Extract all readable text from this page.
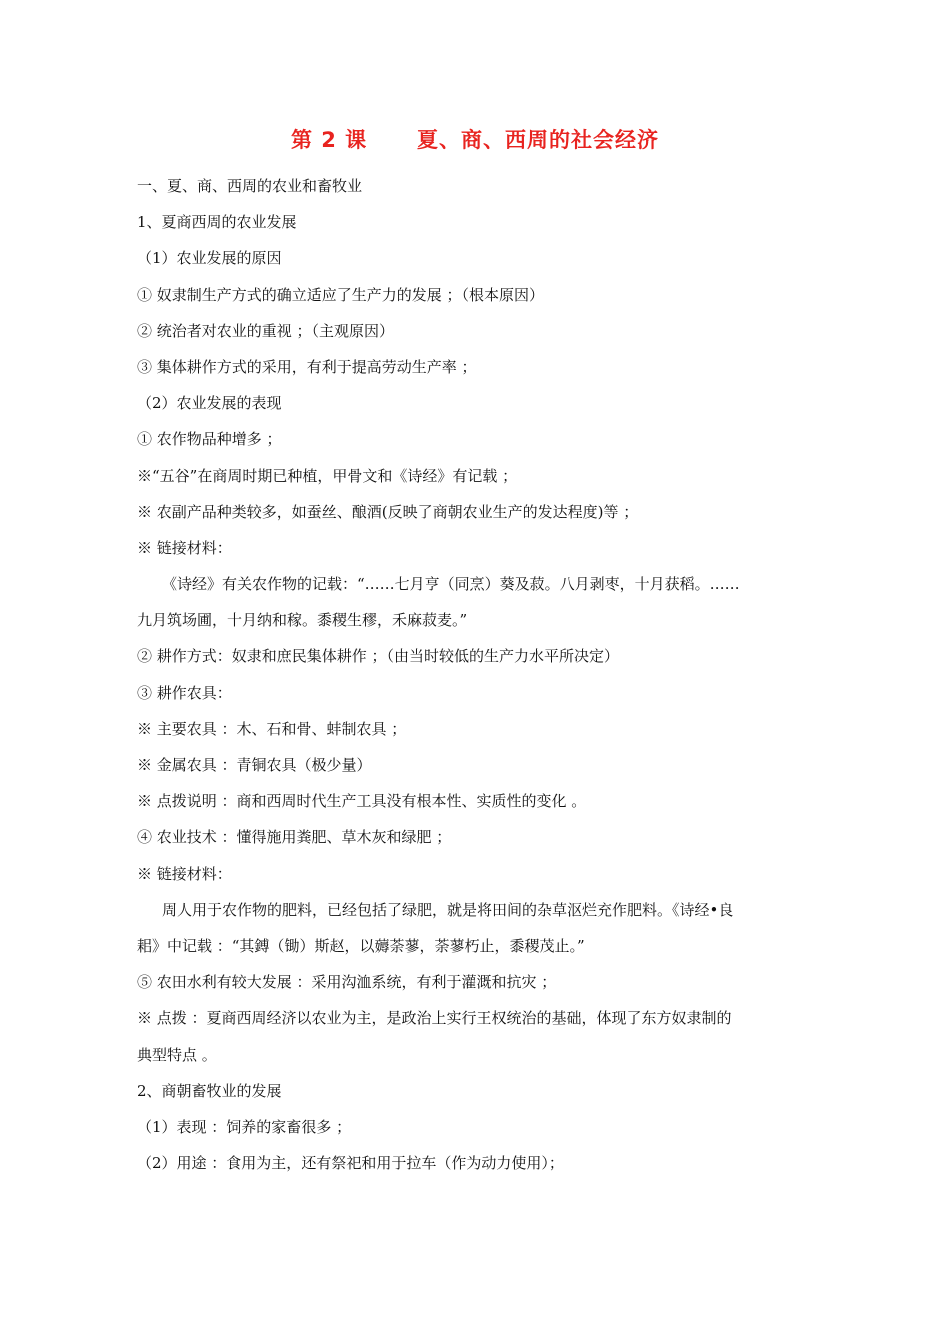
第 2 课      夏、商、西周的社会经济
一、夏、商、西周的农业和畜牧业
1、夏商西周的农业发展
（1）农业发展的原因
① 奴隶制生产方式的确立适应了生产力的发展 ；（根本原因）
② 统治者对农业的重视 ；（主观原因）
③ 集体耕作方式的采用，有利于提高劳动生产率 ；
（2）农业发展的表现
① 农作物品种增多 ；
※“五谷”在商周时期已种植，甲骨文和《诗经》有记载 ；
※ 农副产品种类较多，如蚕丝、酿酒(反映了商朝农业生产的发达程度)等 ；
※ 链接材料：
《诗经》有关农作物的记载：“……七月亨（同烹）葵及菽。八月剥枣，十月获稻。……
九月筑场圃，十月纳和稼。黍稷生穋，禾麻菽麦。”
② 耕作方式：奴隶和庶民集体耕作 ；（由当时较低的生产力水平所决定）
③ 耕作农具：
※ 主要农具 ：木、石和骨、蚌制农具 ；
※ 金属农具 ：青铜农具（极少量）
※ 点拨说明 ：商和西周时代生产工具没有根本性、实质性的变化 。
④ 农业技术 ：懂得施用粪肥、草木灰和绿肥 ；
※ 链接材料：
周人用于农作物的肥料，已经包括了绿肥，就是将田间的杂草沤烂充作肥料。《诗经•良
耜》中记载 ：“其鎛（锄）斯赵，以薅荼蓼，荼蓼朽止，黍稷茂止。”
⑤ 农田水利有较大发展 ：采用沟洫系统，有利于灌溉和抗灾 ；
※ 点拨 ：夏商西周经济以农业为主，是政治上实行王权统治的基础，体现了东方奴隶制的
典型特点 。
2、商朝畜牧业的发展
（1）表现 ：饲养的家畜很多 ；
（2）用途 ：食用为主，还有祭祀和用于拉车（作为动力使用）；
